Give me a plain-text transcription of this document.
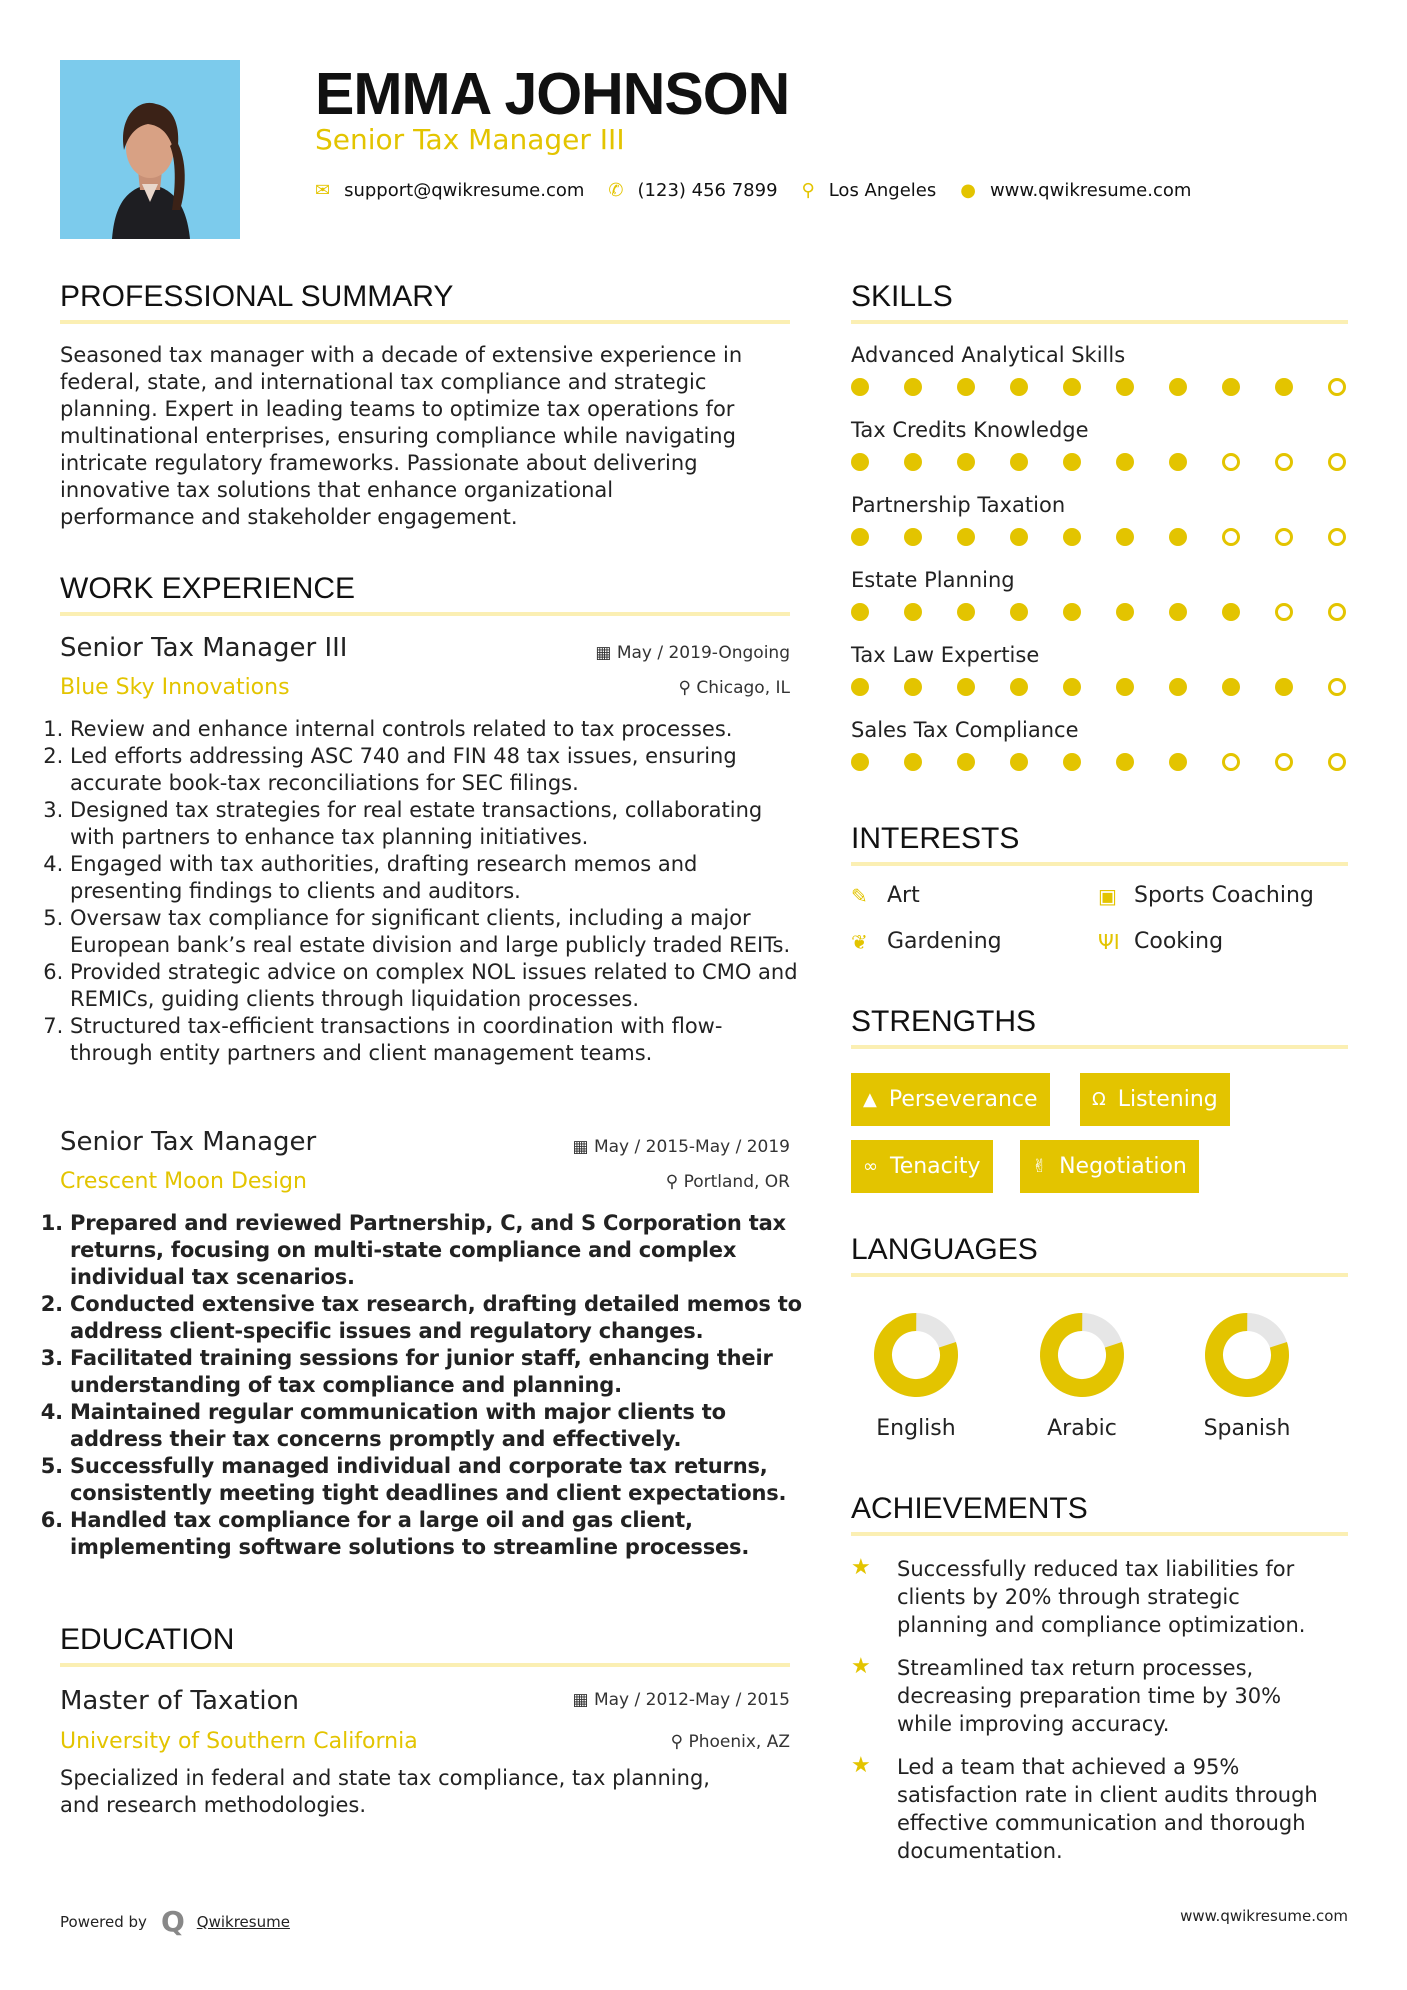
EMMA JOHNSON
Senior Tax Manager III
✉ support@qwikresume.com ✆ (123) 456 7899 ⚲ Los Angeles ● www.qwikresume.com
PROFESSIONAL SUMMARY
Seasoned tax manager with a decade of extensive experience in
federal, state, and international tax compliance and strategic
planning. Expert in leading teams to optimize tax operations for
multinational enterprises, ensuring compliance while navigating
intricate regulatory frameworks. Passionate about delivering
innovative tax solutions that enhance organizational
performance and stakeholder engagement.
WORK EXPERIENCE
Senior Tax Manager III	▦ May / 2019-Ongoing
Blue Sky Innovations	⚲ Chicago, IL
1. Review and enhance internal controls related to tax processes.
2. Led efforts addressing ASC 740 and FIN 48 tax issues, ensuring accurate book-tax reconciliations for SEC filings.
3. Designed tax strategies for real estate transactions, collaborating with partners to enhance tax planning initiatives.
4. Engaged with tax authorities, drafting research memos and presenting findings to clients and auditors.
5. Oversaw tax compliance for significant clients, including a major European bank’s real estate division and large publicly traded REITs.
6. Provided strategic advice on complex NOL issues related to CMO and REMICs, guiding clients through liquidation processes.
7. Structured tax-efficient transactions in coordination with flow-through entity partners and client management teams.
Senior Tax Manager	▦ May / 2015-May / 2019
Crescent Moon Design	⚲ Portland, OR
1. Prepared and reviewed Partnership, C, and S Corporation tax returns, focusing on multi-state compliance and complex individual tax scenarios.
2. Conducted extensive tax research, drafting detailed memos to address client-specific issues and regulatory changes.
3. Facilitated training sessions for junior staff, enhancing their understanding of tax compliance and planning.
4. Maintained regular communication with major clients to address their tax concerns promptly and effectively.
5. Successfully managed individual and corporate tax returns, consistently meeting tight deadlines and client expectations.
6. Handled tax compliance for a large oil and gas client, implementing software solutions to streamline processes.
EDUCATION
Master of Taxation	▦ May / 2012-May / 2015
University of Southern California	⚲ Phoenix, AZ
Specialized in federal and state tax compliance, tax planning,
and research methodologies.
SKILLS
Advanced Analytical Skills
Tax Credits Knowledge
Partnership Taxation
Estate Planning
Tax Law Expertise
Sales Tax Compliance
INTERESTS
✎ Art	▣ Sports Coaching
❦ Gardening	ΨI Cooking
STRENGTHS
▲ Perseverance	Ω Listening
∞ Tenacity	✌ Negotiation
LANGUAGES
English	Arabic	Spanish
ACHIEVEMENTS
★	Successfully reduced tax liabilities for
clients by 20% through strategic
planning and compliance optimization.
★	Streamlined tax return processes,
decreasing preparation time by 30%
while improving accuracy.
★	Led a team that achieved a 95%
satisfaction rate in client audits through
effective communication and thorough
documentation.
Powered by Q Qwikresume	www.qwikresume.com
